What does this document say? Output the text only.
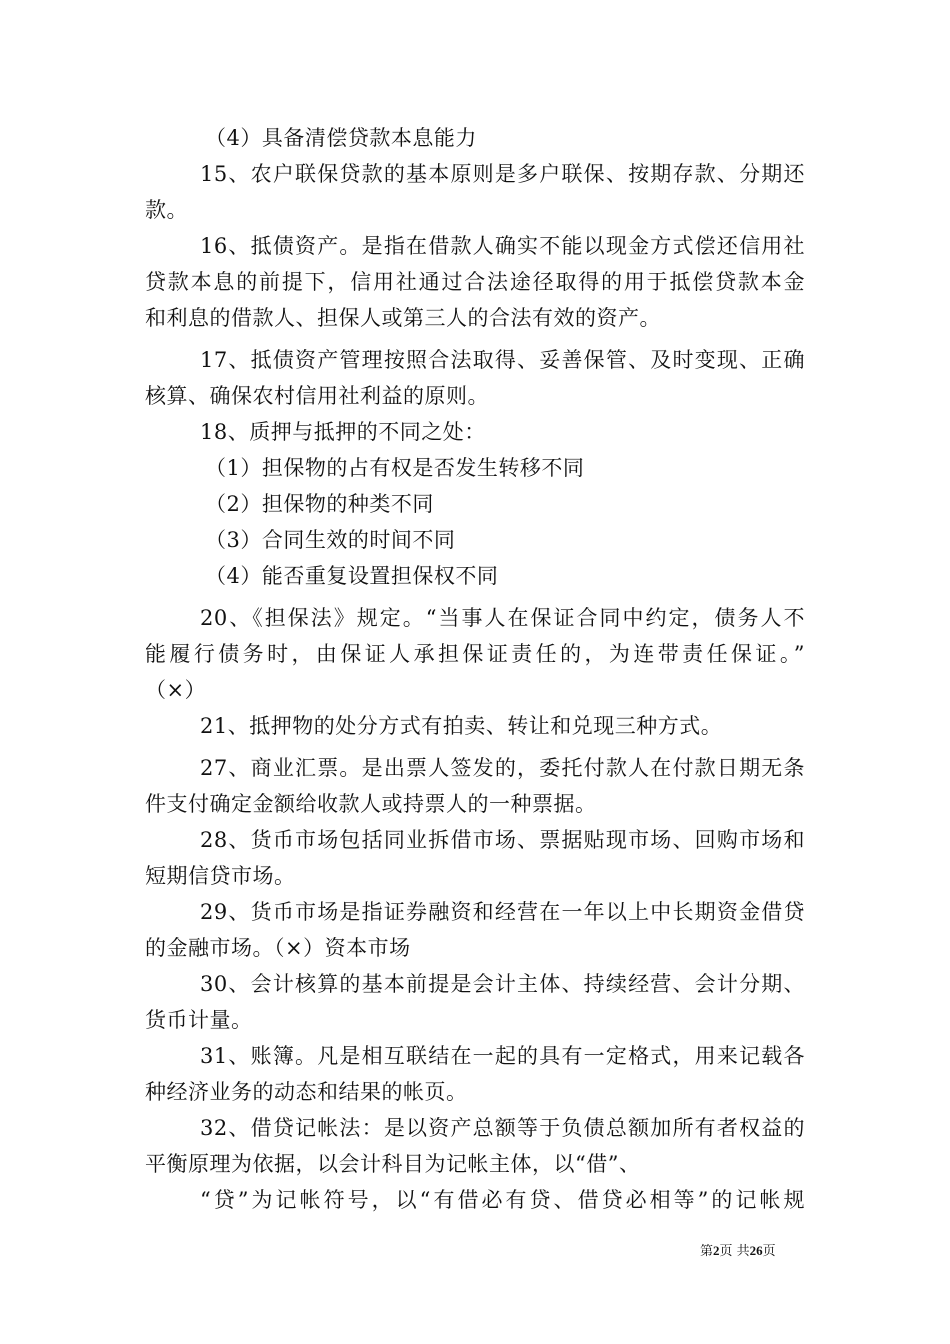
（4）具备清偿贷款本息能力
15、农户联保贷款的基本原则是多户联保、按期存款、分期还
款。
16、抵债资产。是指在借款人确实不能以现金方式偿还信用社
贷款本息的前提下，信用社通过合法途径取得的用于抵偿贷款本金
和利息的借款人、担保人或第三人的合法有效的资产。
17、抵债资产管理按照合法取得、妥善保管、及时变现、正确
核算、确保农村信用社利益的原则。
18、质押与抵押的不同之处：
（1）担保物的占有权是否发生转移不同
（2）担保物的种类不同
（3）合同生效的时间不同
（4）能否重复设置担保权不同
20、《担保法》规定。“当事人在保证合同中约定，债务人不
能履行债务时，由保证人承担保证责任的，为连带责任保证。”
（×）
21、抵押物的处分方式有拍卖、转让和兑现三种方式。
27、商业汇票。是出票人签发的，委托付款人在付款日期无条
件支付确定金额给收款人或持票人的一种票据。
28、货币市场包括同业拆借市场、票据贴现市场、回购市场和
短期信贷市场。
29、货币市场是指证券融资和经营在一年以上中长期资金借贷
的金融市场。（×）资本市场
30、会计核算的基本前提是会计主体、持续经营、会计分期、
货币计量。
31、账簿。凡是相互联结在一起的具有一定格式，用来记载各
种经济业务的动态和结果的帐页。
32、借贷记帐法：是以资产总额等于负债总额加所有者权益的
平衡原理为依据，以会计科目为记帐主体，以“借”、
“贷”为记帐符号，以“有借必有贷、借贷必相等”的记帐规
第2页 共26页
